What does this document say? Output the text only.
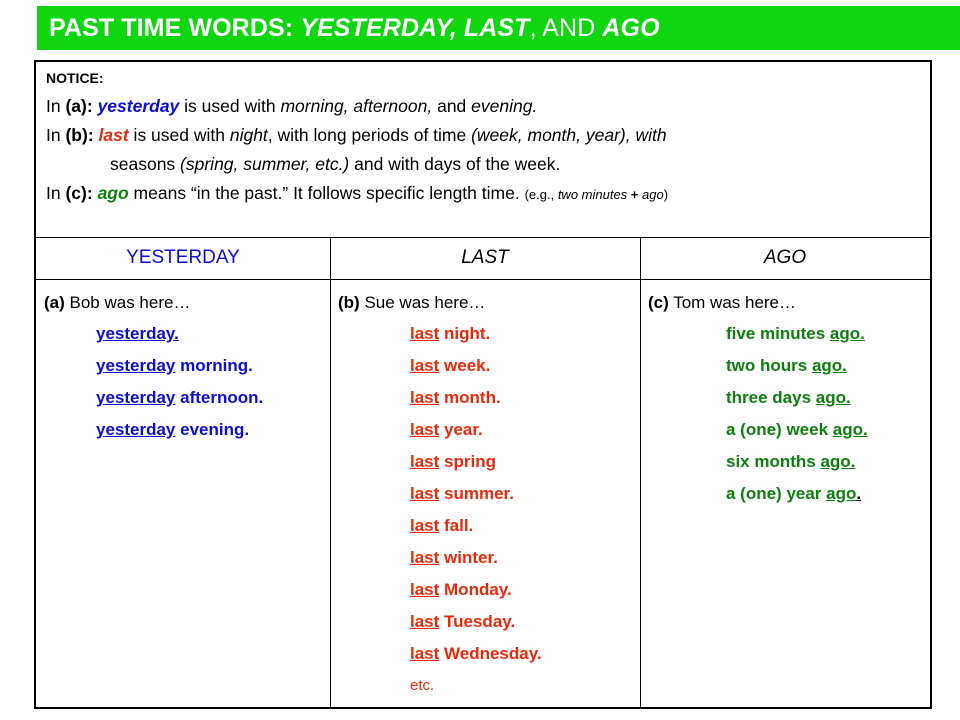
PAST TIME WORDS:
YESTERDAY, LAST , AND
AGO
NOTICE:
In (a): yesterday is used with morning, afternoon, and evening.
In (b): last is used with night, with long periods of time (week, month, year), with
seasons (spring, summer, etc.) and with days of the week.
In (c): ago means “in the past.” It follows specific length time. (e.g., two minutes + ago)
YESTERDAY	LAST	AGO
(a) Bob was here…
yesterday.
yesterday morning.
yesterday afternoon.
yesterday evening.
(b) Sue was here…
last night.
last week.
last month.
last year.
last spring
last summer.
last fall.
last winter.
last Monday.
last Tuesday.
last Wednesday.
etc.
(c) Tom was here…
five minutes ago.
two hours ago.
three days ago.
a (one) week ago.
six months ago.
a (one) year ago.
